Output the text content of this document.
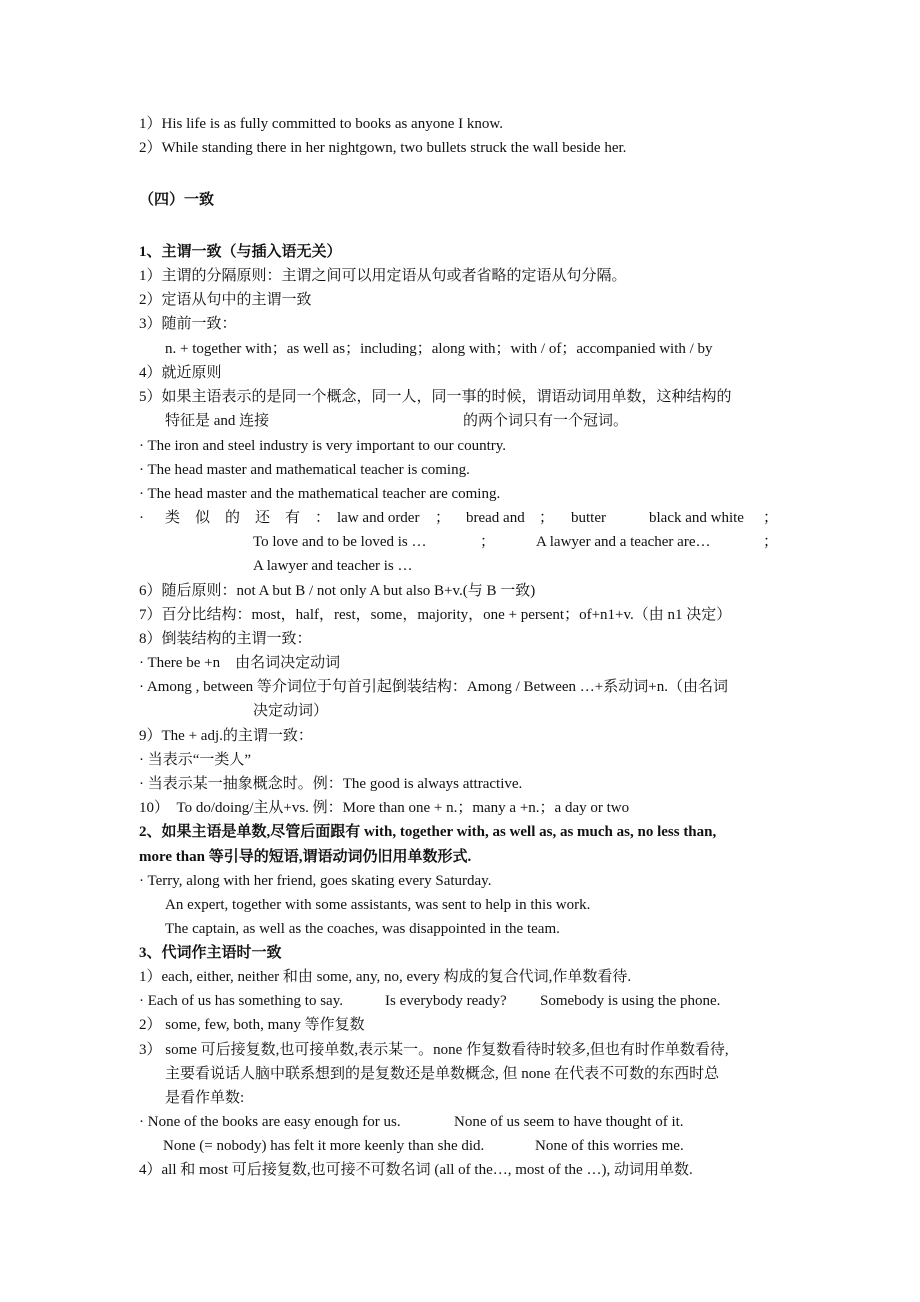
1）His life is as fully committed to books as anyone I know.
2）While standing there in her nightgown, two bullets struck the wall beside her.
（四）一致
1、主谓一致（与插入语无关）
1）主谓的分隔原则：主谓之间可以用定语从句或者省略的定语从句分隔。
2）定语从句中的主谓一致
3）随前一致：
n. + together with；as well as；including；along with；with / of；accompanied with / by
4）就近原则
5）如果主语表示的是同一个概念，同一人，同一事的时候，谓语动词用单数，这种结构的
特征是 and 连接	的两个词只有一个冠词。
· The iron and steel industry is very important to our country.
· The head master and mathematical teacher is coming.
· The head master and the mathematical teacher are coming.
· 类　似　的　还　有　： law and order ； bread and ； butter	black and white ；
To love and to be loved is …	；	A lawyer and a teacher are…	；
A lawyer and teacher is …
6）随后原则：not A but B / not only A but also B+v.(与 B 一致)
7）百分比结构：most，half，rest，some，majority，one + persent；of+n1+v.（由 n1 决定）
8）倒装结构的主谓一致：
· There be +n　由名词决定动词
· Among , between 等介词位于句首引起倒装结构：Among / Between …+系动词+n.（由名词
决定动词）
9）The + adj.的主谓一致：
· 当表示“一类人”
· 当表示某一抽象概念时。例：The good is always attractive.
10）　To do/doing/主从+vs. 例：More than one + n.；many a +n.；a day or two
2、如果主语是单数,尽管后面跟有 with, together with, as well as, as much as, no less than,
more than 等引导的短语,谓语动词仍旧用单数形式.
· Terry, along with her friend, goes skating every Saturday.
An expert, together with some assistants, was sent to help in this work.
The captain, as well as the coaches, was disappointed in the team.
3、代词作主语时一致
1）each, either, neither 和由 some, any, no, every 构成的复合代词,作单数看待.
· Each of us has something to say.	Is everybody ready? Somebody is using the phone.
2） some, few, both, many 等作复数
3） some 可后接复数,也可接单数,表示某一。none 作复数看待时较多,但也有时作单数看待,
主要看说话人脑中联系想到的是复数还是单数概念, 但 none 在代表不可数的东西时总
是看作单数:
· None of the books are easy enough for us.	None of us seem to have thought of it.
None (= nobody) has felt it more keenly than she did.	None of this worries me.
4）all 和 most 可后接复数,也可接不可数名词 (all of the…, most of the …), 动词用单数.
